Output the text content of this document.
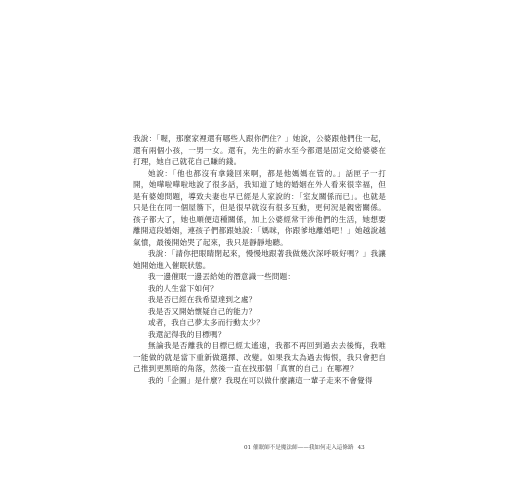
我說：「喔，那麼家裡還有哪些人跟你們住？」她說，公婆跟他們住一起，還有兩個小孩，一男一女。還有，先生的薪水至今都還是固定交給婆婆在打理，她自己就花自己賺的錢。

她說：「他也都沒有拿錢回來啊，都是他媽媽在管的。」話匣子一打開，她嘩啦嘩啦地說了很多話，我知道了她的婚姻在外人看來很幸福，但是有婆媳問題，導致夫妻也早已經是人家說的：「室友關係而已」。也就是只是住在同一個屋簷下，但是很早就沒有很多互動，更何況是親密關係。孩子都大了，她也順便這種關係，加上公婆經常干涉他們的生活，她想要離開這段婚姻，連孩子們都跟她說：「媽咪，你跟爹地離婚吧！」她越說越氣憤，最後開始哭了起來，我只是靜靜地聽。

我說：「請你把眼睛閉起來，慢慢地跟著我做幾次深呼吸好嗎？」我讓她開始進入催眠狀態。

我一邊催眠一邊丟給她的潛意識一些問題：

我的人生當下如何？

我是否已經在我希望達到之處？

我是否又開始懷疑自己的能力？

或者，我自己夢太多而行動太少？

我還記得我的目標嗎？

無論我是否離我的目標已經太遙遠，我都不再回到過去去後悔，我唯一能做的就是當下重新做選擇、改變。如果我太為過去悔恨，我只會把自己推到更黑暗的角落，然後一直在找那個「真實的自己」在哪裡？

我的「企圖」是什麼？我現在可以做什麼讓這一輩子走來不會覺得

01 催眠師不是魔法師——我如何走入這條路 43
